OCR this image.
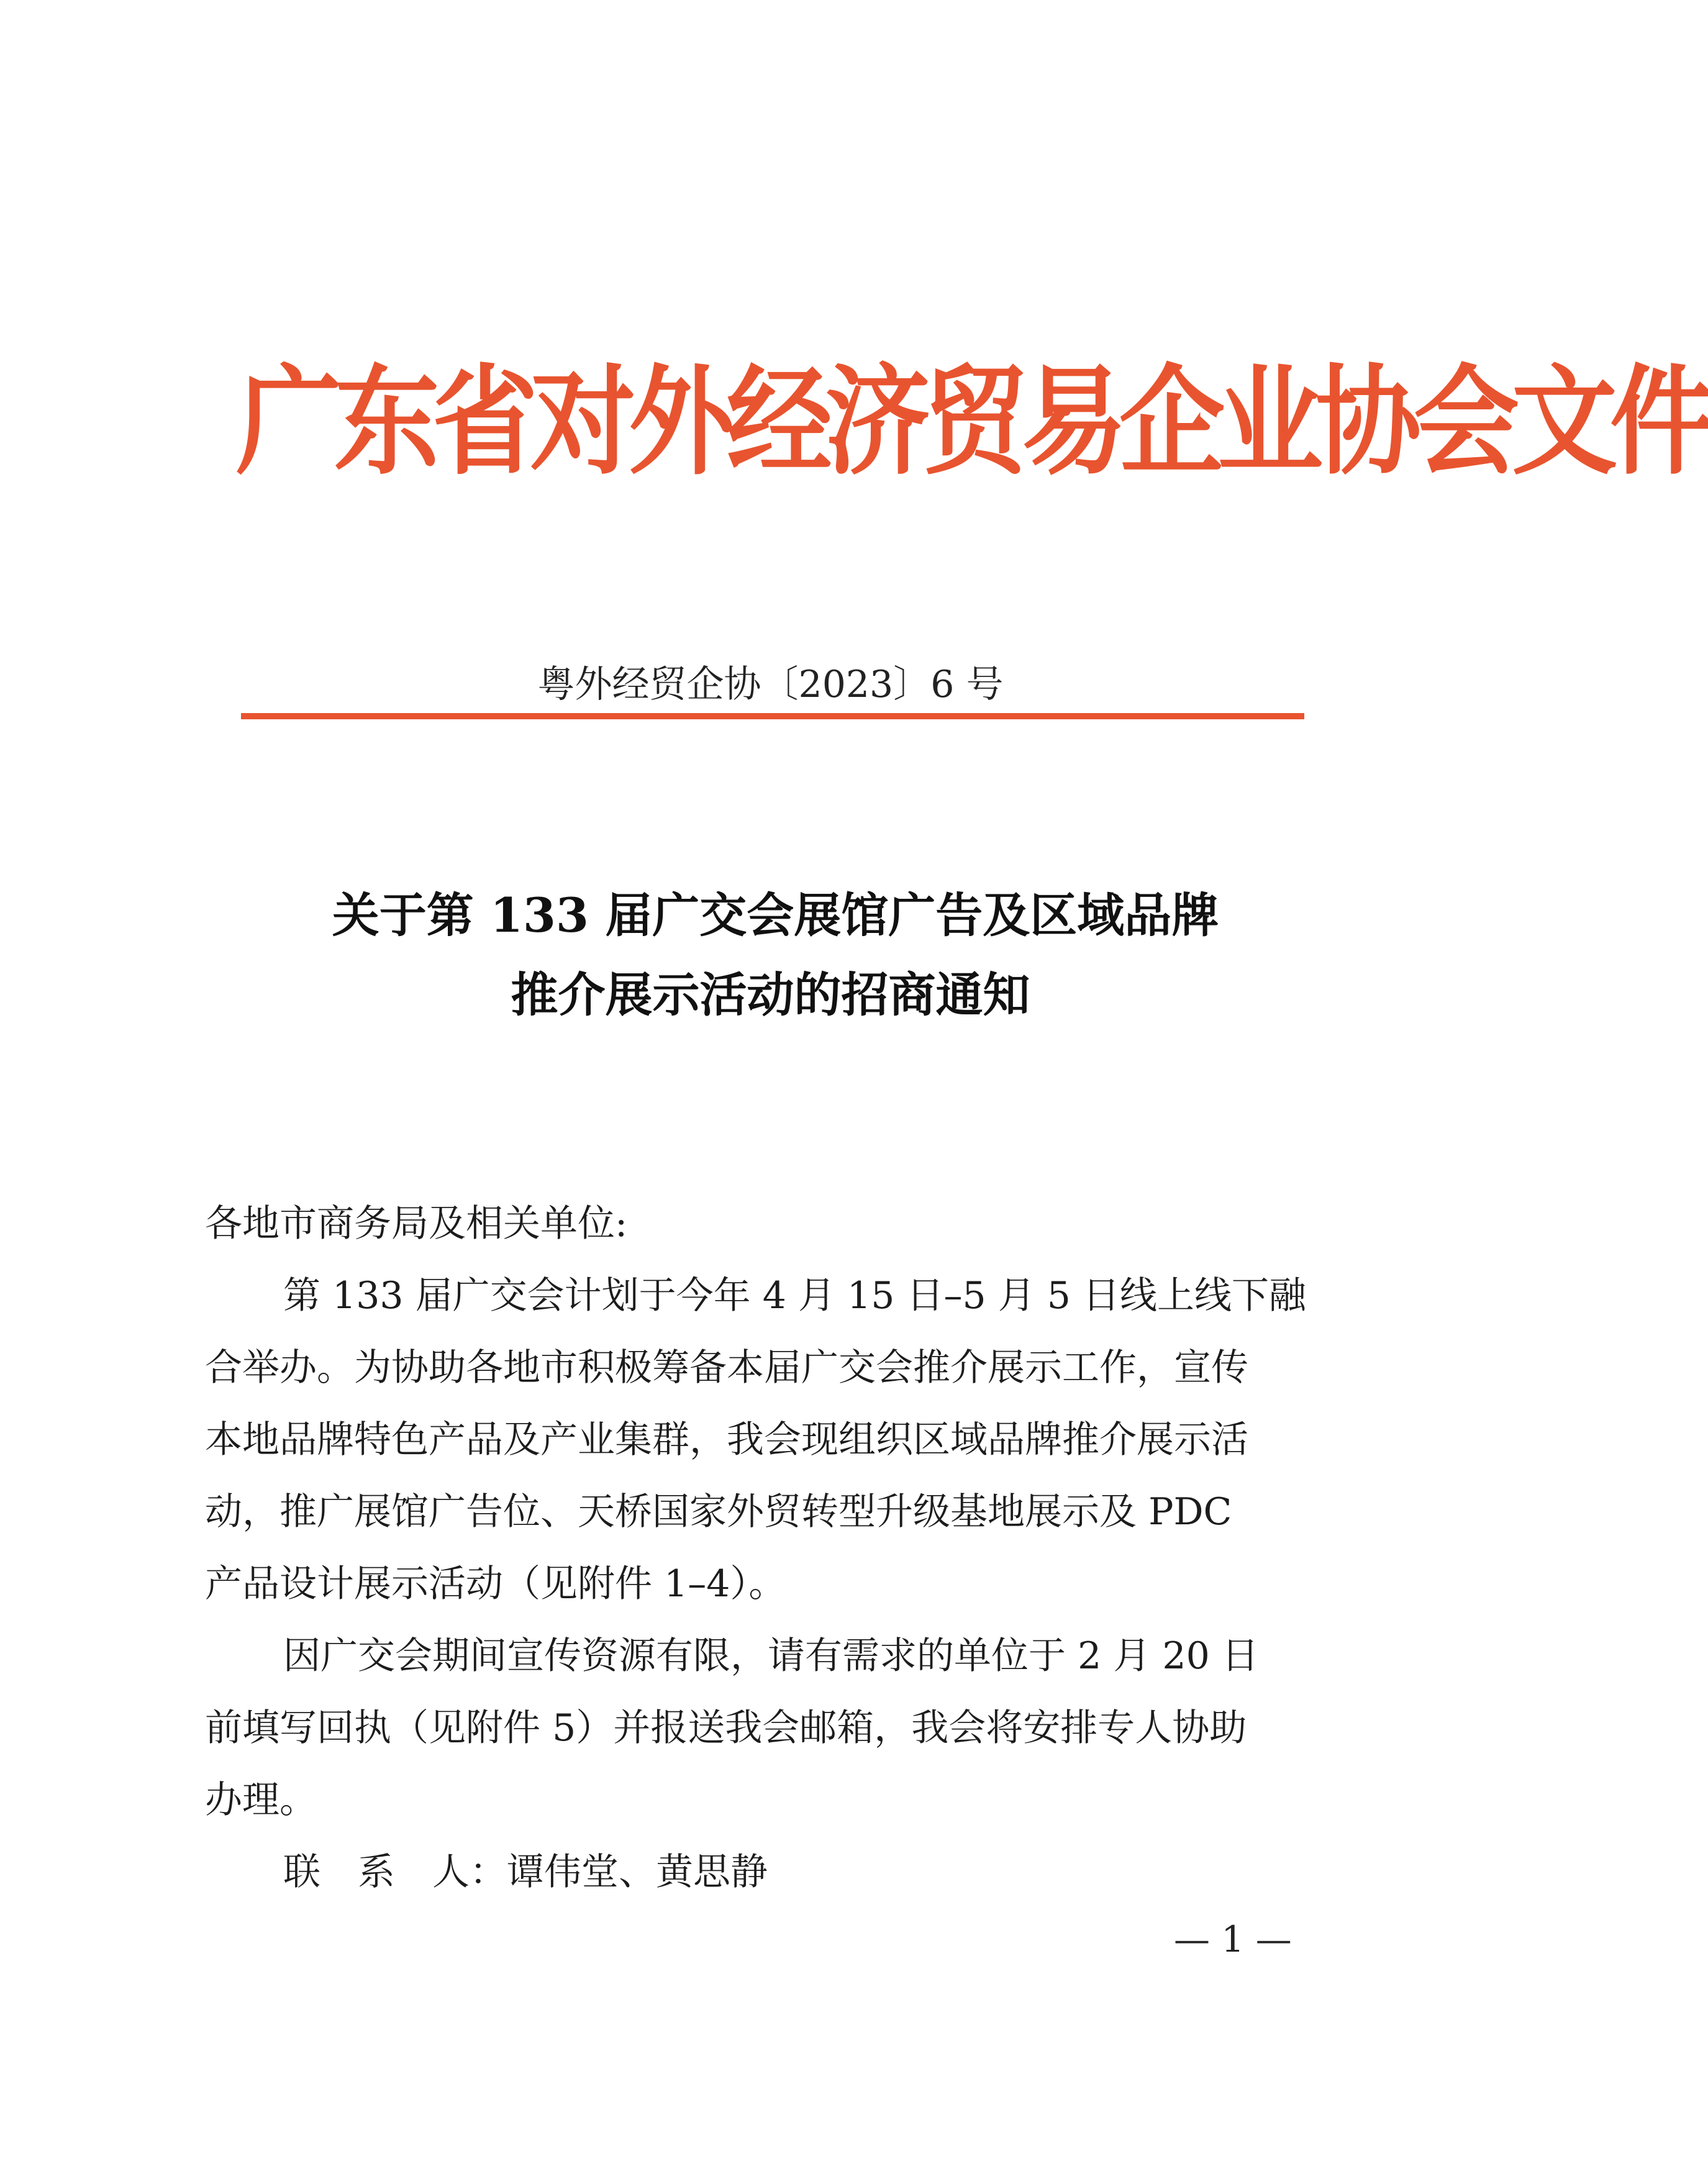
广东省对外经济贸易企业协会文件
粤外经贸企协〔2023〕6 号
关于第 133 届广交会展馆广告及区域品牌
推介展示活动的招商通知
各地市商务局及相关单位:
第 133 届广交会计划于今年 4 月 15 日–5 月 5 日线上线下融
合举办。为协助各地市积极筹备本届广交会推介展示工作，宣传
本地品牌特色产品及产业集群，我会现组织区域品牌推介展示活
动，推广展馆广告位、天桥国家外贸转型升级基地展示及 PDC
产品设计展示活动（见附件 1–4）。
因广交会期间宣传资源有限，请有需求的单位于 2 月 20 日
前填写回执（见附件 5）并报送我会邮箱，我会将安排专人协助
办理。
联　系　人：谭伟堂、黄思静
— 1 —
